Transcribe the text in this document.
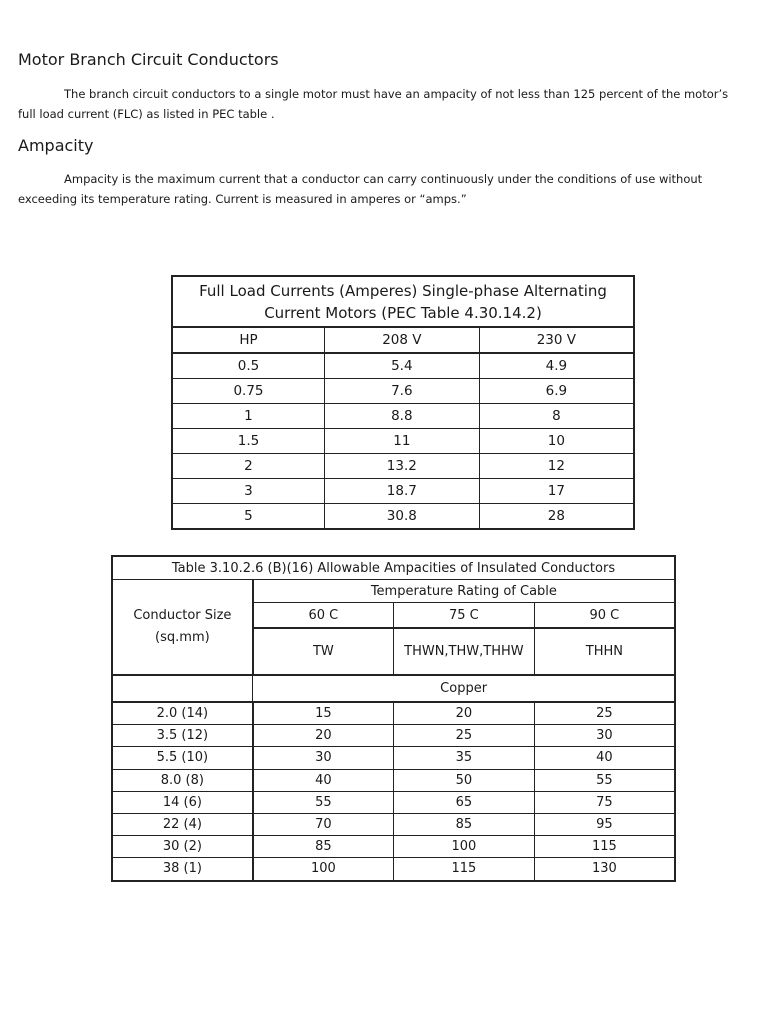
Motor Branch Circuit Conductors

The branch circuit conductors to a single motor must have an ampacity of not less than 125 percent of the motor’s full load current (FLC) as listed in PEC table .

Ampacity

Ampacity is the maximum current that a conductor can carry continuously under the conditions of use without exceeding its temperature rating. Current is measured in amperes or “amps.”

Full Load Currents (Amperes) Single-phase Alternating Current Motors (PEC Table 4.30.14.2)		
HP	208 V	230 V
0.5	5.4	4.9
0.75	7.6	6.9
1	8.8	8
1.5	11	10
2	13.2	12
3	18.7	17
5	30.8	28
Table 3.10.2.6 (B)(16) Allowable Ampacities of Insulated Conductors			
Conductor Size (sq.mm)	Temperature Rating of Cable		
	60 C	75 C	90 C
	TW	THWN,THW,THHW	THHN
	Copper		
2.0 (14)	15	20	25
3.5 (12)	20	25	30
5.5 (10)	30	35	40
8.0 (8)	40	50	55
14 (6)	55	65	75
22 (4)	70	85	95
30 (2)	85	100	115
38 (1)	100	115	130
